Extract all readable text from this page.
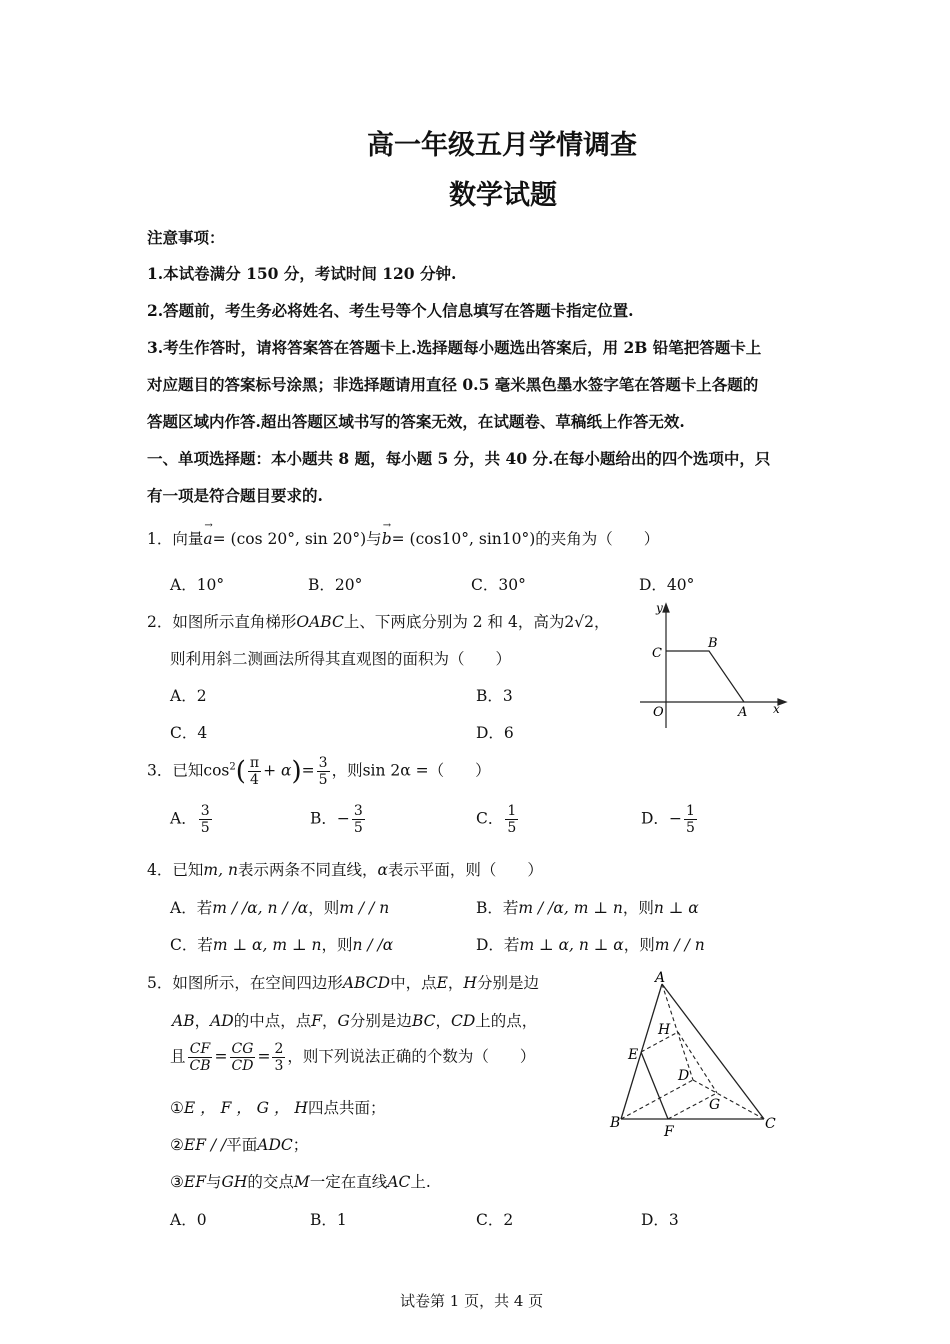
高一年级五月学情调查
数学试题
注意事项：
1.本试卷满分 150 分，考试时间 120 分钟.
2.答题前，考生务必将姓名、考生号等个人信息填写在答题卡指定位置.
3.考生作答时，请将答案答在答题卡上.选择题每小题选出答案后，用 2B 铅笔把答题卡上
对应题目的答案标号涂黑；非选择题请用直径 0.5 毫米黑色墨水签字笔在答题卡上各题的
答题区域内作答.超出答题区域书写的答案无效，在试题卷、草稿纸上作答无效.
一、单项选择题：本小题共 8 题，每小题 5 分，共 40 分.在每小题给出的四个选项中，只
有一项是符合题目要求的.
1．向量
→
a= (cos 20°, sin 20°)与
→
b= (cos10°, sin10°)的夹角为（　　）
A．10°	B．20°	C．30°	D．40°
2．如图所示直角梯形OABC上、下两底分别为 2 和 4，高为2√2，
则利用斜二测画法所得其直观图的面积为（　　）
A．2	B．3
C．4	D．6
y
x
O	A
B
C
3．已知$\cos^2( \frac{\pi}{4} + \alpha)= \frac{3}{5}$ ，则sin 2α =（　　）
A． $\frac{3}{5}$	B．− $\frac{3}{5}$	C． $\frac{1}{5}$	D．− $\frac{1}{5}$
4．已知m, n表示两条不同直线，α表示平面，则（　　）
A．若m / /α, n / /α，则m / / n	B．若m / /α, m ⊥ n，则n ⊥ α
C．若m ⊥ α, m ⊥ n，则n / /α	D．若m ⊥ α, n ⊥ α，则m / / n
5．如图所示，在空间四边形ABCD中，点E，H分别是边
AB，AD的中点，点F，G分别是边BC，CD上的点，
且 $\frac{CF}{CB} = \frac{CG}{CD} = \frac{2}{3}$ ，则下列说法正确的个数为（　　）
①E ， F ， G ， H四点共面；
②EF / /平面ADC；
③EF与GH的交点M一定在直线AC上.
A．0	B．1	C．2	D．3
A
B	C
D
E
F
G
H
试卷第 1 页，共 4 页
